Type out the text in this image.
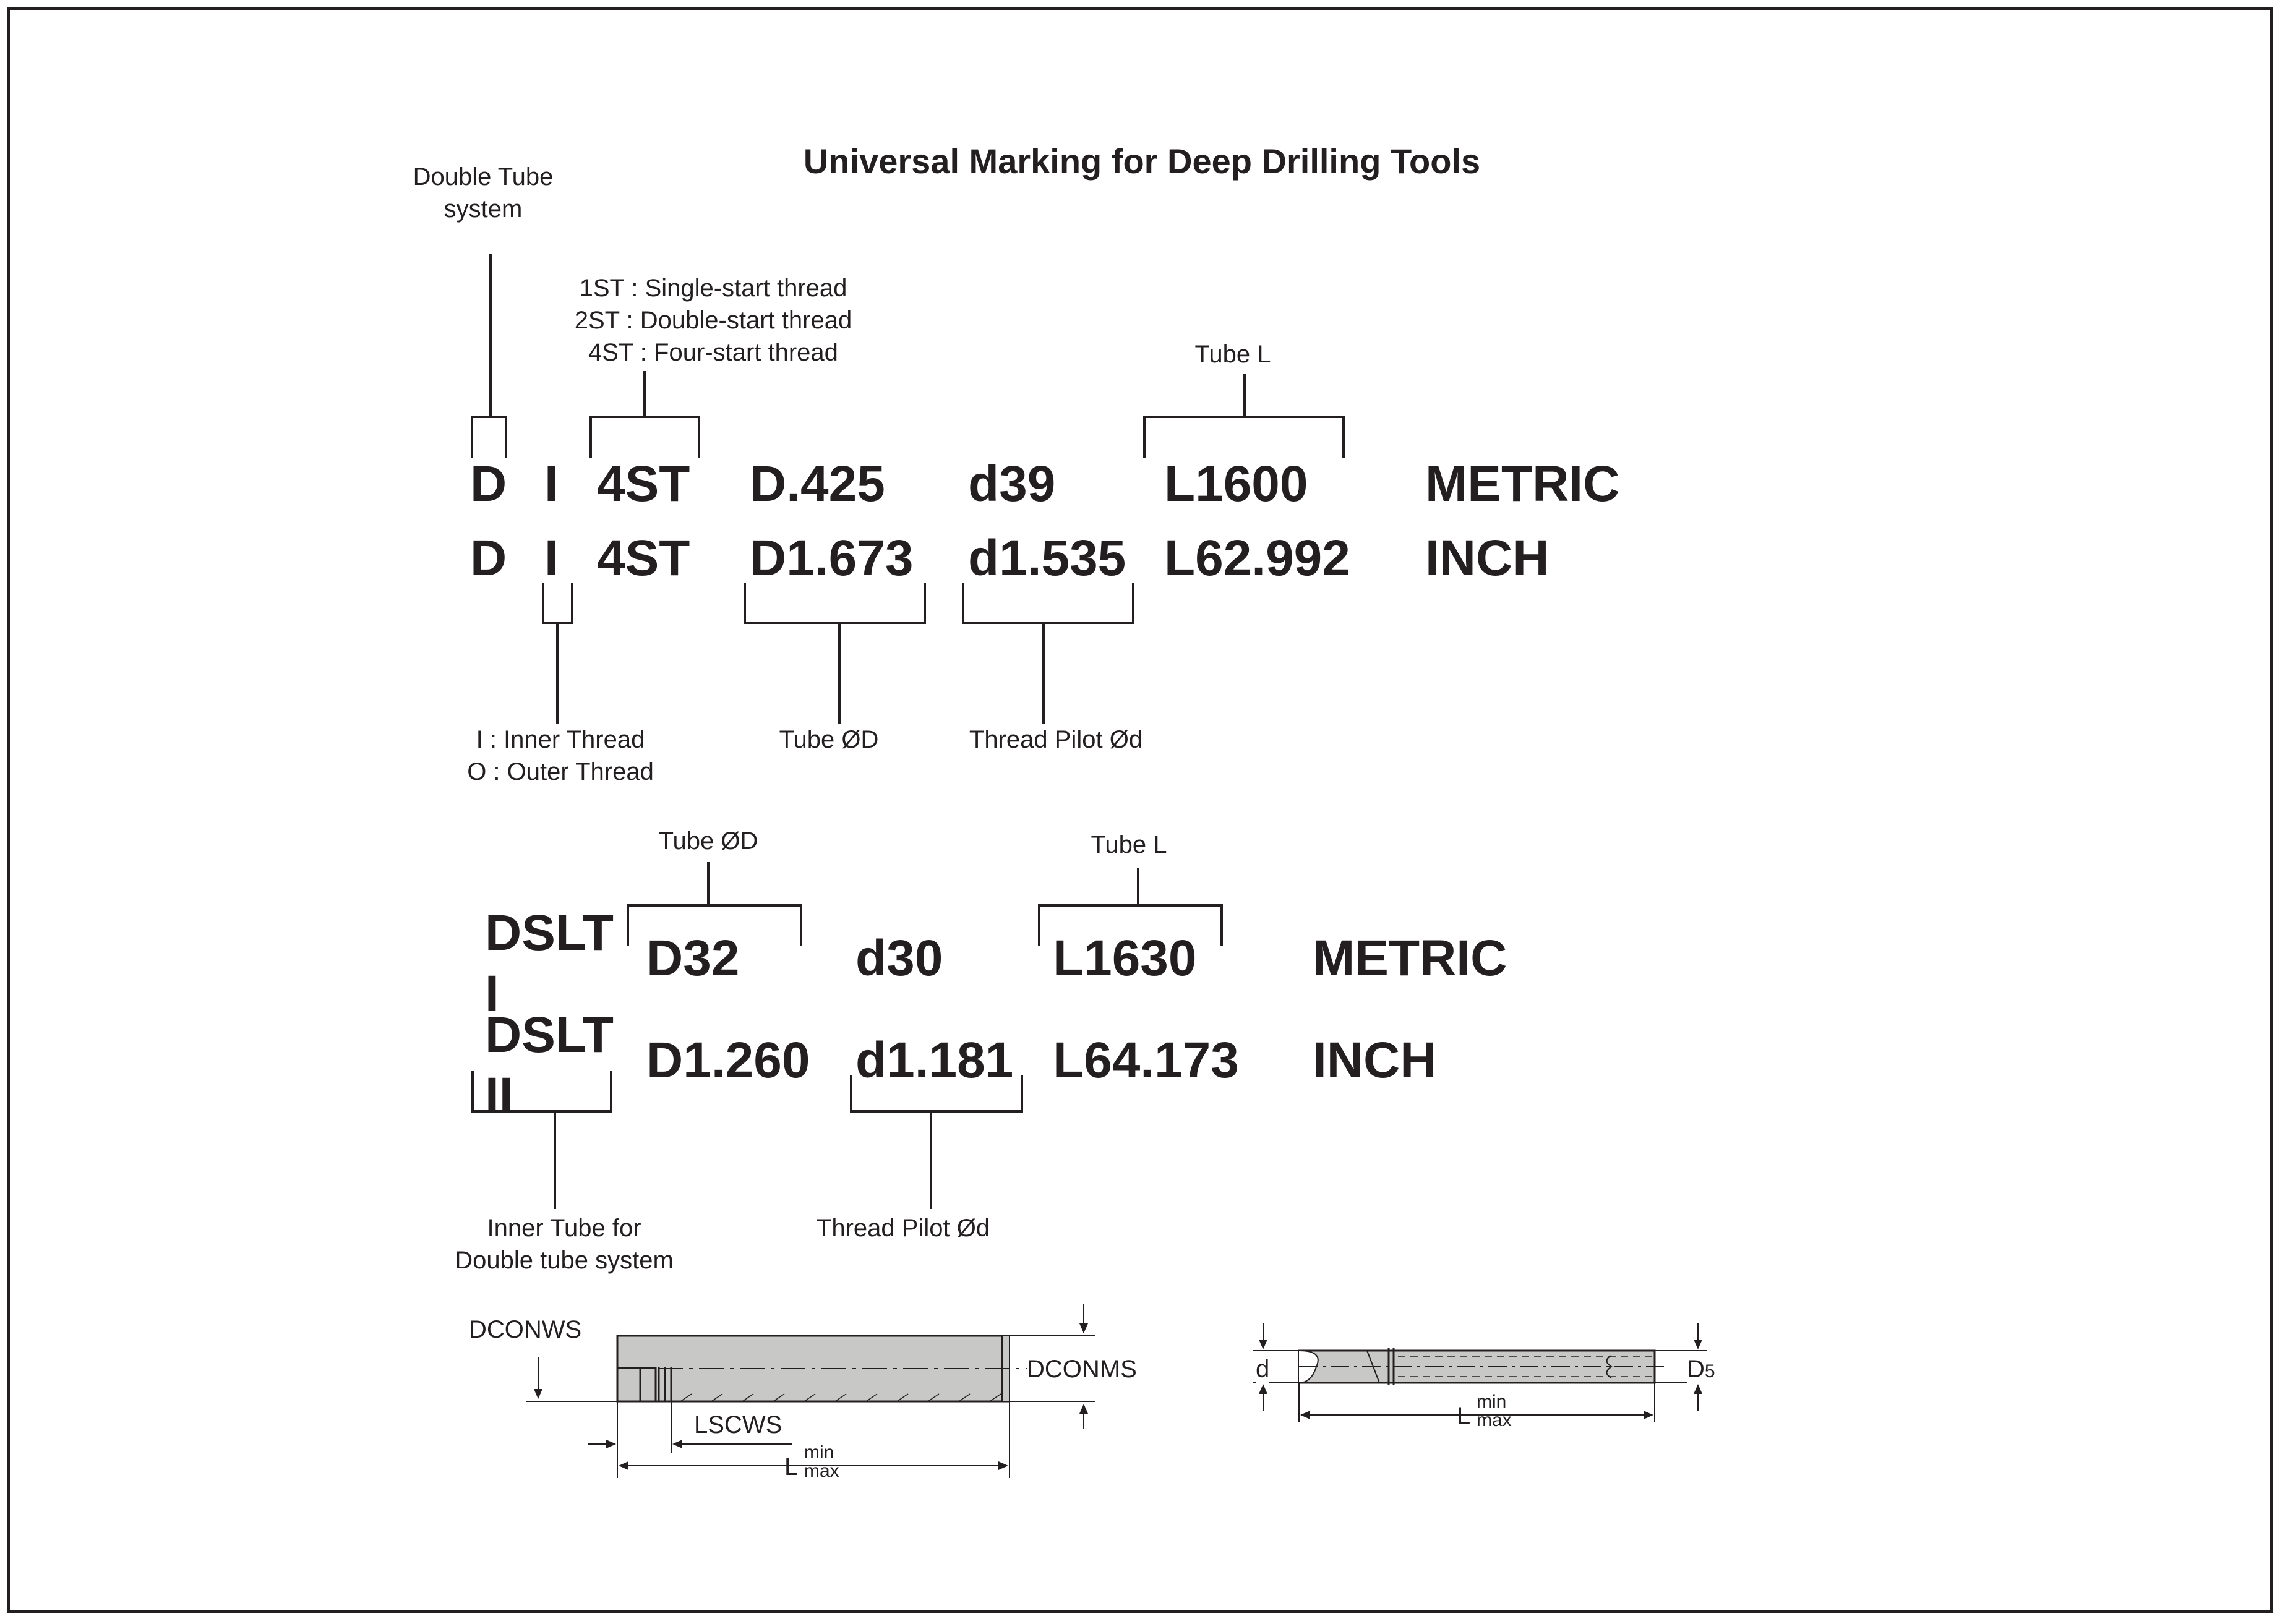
Universal Marking for Deep Drilling Tools
Double Tube
system
1ST : Single-start thread
2ST : Double-start thread
4ST : Four-start thread	Tube L
I : Inner Thread
O : Outer Thread
Tube ØD	Thread Pilot Ød
D I 4ST D.425 d39 L1600 METRIC
D I 4ST D1.673 d1.535 L62.992 INCH
Tube ØD	Tube L
Inner Tube for
Double tube system
Thread Pilot Ød
DSLT
I
D32 d30 L1630 METRIC
DSLT
II
D1.260 d1.181 L64.173 INCH
DCONWS
DCONMS
LSCWS
L
min
max
d	D5
L
min
max
